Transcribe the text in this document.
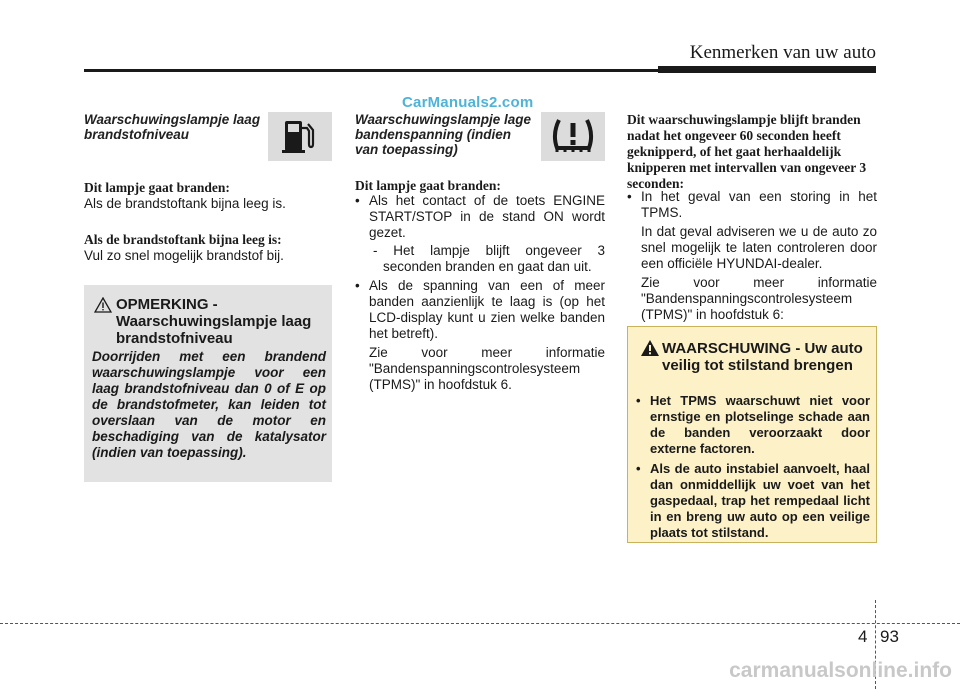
Kenmerken van uw auto
CarManuals2.com
Waarschuwingslampje laag brandstofniveau
Dit lampje gaat branden:
Als de brandstoftank bijna leeg is.
Als de brandstoftank bijna leeg is:
Vul zo snel mogelijk brandstof bij.
OPMERKING - Waarschuwingslampje laag brandstofniveau
Doorrijden met een brandend waarschuwingslampje voor een laag brandstofniveau dan 0 of E op de brandstofmeter, kan leiden tot overslaan van de motor en beschadiging van de katalysator (indien van toepassing).
Waarschuwingslampje lage bandenspanning (indien van toepassing)
Dit lampje gaat branden:
• Als het contact of de toets ENGINE START/STOP in de stand ON wordt gezet.
- Het lampje blijft ongeveer 3 seconden branden en gaat dan uit.
• Als de spanning van een of meer banden aanzienlijk te laag is (op het LCD-display kunt u zien welke banden het betreft).
Zie voor meer informatie "Bandenspanningscontrolesysteem (TPMS)" in hoofdstuk 6.
Dit waarschuwingslampje blijft branden nadat het ongeveer 60 seconden heeft geknipperd, of het gaat herhaaldelijk knipperen met intervallen van ongeveer 3 seconden:
• In het geval van een storing in het TPMS.
In dat geval adviseren we u de auto zo snel mogelijk te laten controleren door een officiële HYUNDAI-dealer.
Zie voor meer informatie "Bandenspanningscontrolesysteem (TPMS)" in hoofdstuk 6:
WAARSCHUWING - Uw auto veilig tot stilstand brengen
• Het TPMS waarschuwt niet voor ernstige en plotselinge schade aan de banden veroorzaakt door externe factoren.
• Als de auto instabiel aanvoelt, haal dan onmiddellijk uw voet van het gaspedaal, trap het rempedaal licht in en breng uw auto op een veilige plaats tot stilstand.
4 93
carmanualsonline.info
